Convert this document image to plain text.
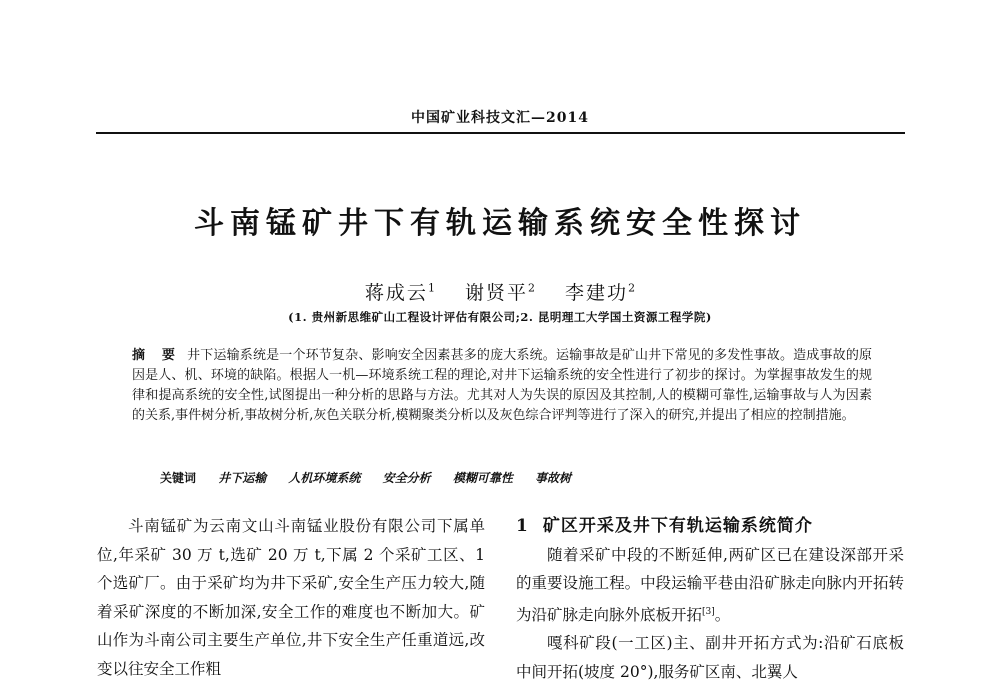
中国矿业科技文汇—2014
斗南锰矿井下有轨运输系统安全性探讨
蒋成云$^1$ 谢贤平$^2$ 李建功$^2$
(1. 贵州新思维矿山工程设计评估有限公司;2. 昆明理工大学国土资源工程学院)
摘 要 井下运输系统是一个环节复杂、影响安全因素甚多的庞大系统。运输事故是矿山井下常见的多发性事故。造成事故的原因是人、机、环境的缺陷。根据人一机—环境系统工程的理论,对井下运输系统的安全性进行了初步的探讨。为掌握事故发生的规律和提高系统的安全性,试图提出一种分析的思路与方法。尤其对人为失误的原因及其控制,人的模糊可靠性,运输事故与人为因素的关系,事件树分析,事故树分析,灰色关联分析,模糊聚类分析以及灰色综合评判等进行了深入的研究,并提出了相应的控制措施。
关键词 井下运输 人机环境系统 安全分析 模糊可靠性 事故树

斗南锰矿为云南文山斗南锰业股份有限公司下属单位,年采矿 30 万 t,选矿 20 万 t,下属 2 个采矿工区、1 个选矿厂。由于采矿均为井下采矿,安全生产压力较大,随着采矿深度的不断加深,安全工作的难度也不断加大。矿山作为斗南公司主要生产单位,井下安全生产任重道远,改变以往安全工作粗

1 矿区开采及井下有轨运输系统简介

随着采矿中段的不断延伸,两矿区已在建设深部开采的重要设施工程。中段运输平巷由沿矿脉走向脉内开拓转为沿矿脉走向脉外底板开拓[3]。

嘎科矿段(一工区)主、副井开拓方式为:沿矿石底板中间开拓(坡度 20°),服务矿区南、北翼人
